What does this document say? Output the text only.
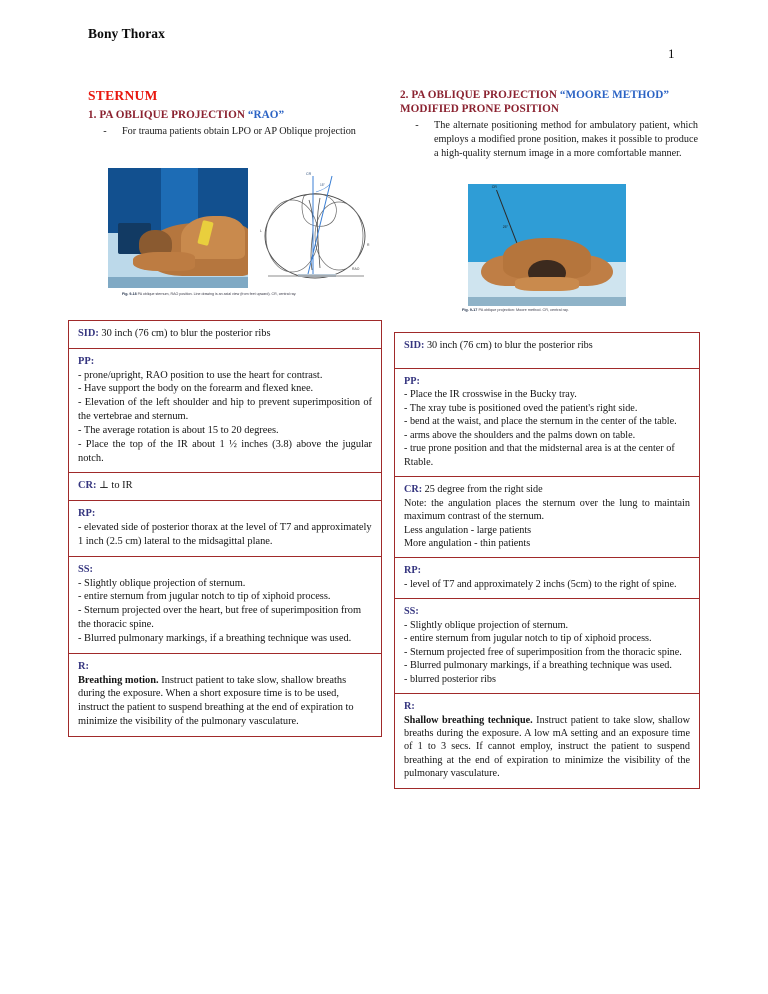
Bony Thorax
1
STERNUM
1. PA OBLIQUE PROJECTION “RAO”
-	For trauma patients obtain LPO or AP Oblique projection
2. PA OBLIQUE PROJECTION “MOORE METHOD” MODIFIED PRONE POSITION
-	The alternate positioning method for ambulatory patient, which employs a modified prone position, makes it possible to produce a high-quality sternum image in a more comfortable manner.
CR
15°
L
R
RAO
Fig. 9-18 PA oblique sternum, RAO position. Line drawing is an axial view (from feet upward). CR, central ray.
CR
25°
Fig. 9-17 PA oblique projection: Moore method. CR, central ray.

SID: 30 inch (76 cm) to blur the posterior ribs

PP:

- prone/upright, RAO position to use the heart for contrast.

- Have support the body on the forearm and flexed knee.

- Elevation of the left shoulder and hip to prevent superimposition of the vertebrae and sternum.

- The average rotation is about 15 to 20 degrees.

- Place the top of the IR about 1 ½ inches (3.8) above the jugular notch.

CR: ⊥ to IR

RP:

- elevated side of posterior thorax at the level of T7 and approximately 1 inch (2.5 cm) lateral to the midsagittal plane.

SS:

- Slightly oblique projection of sternum.

- entire sternum from jugular notch to tip of xiphoid process.

- Sternum projected over the heart, but free of superimposition from the thoracic spine.

- Blurred pulmonary markings, if a breathing technique was used.

R:

Breathing motion. Instruct patient to take slow, shallow breaths during the exposure. When a short exposure time is to be used, instruct the patient to suspend breathing at the end of expiration to minimize the visibility of the pulmonary vasculature.

SID: 30 inch (76 cm) to blur the posterior ribs

PP:

- Place the IR crosswise in the Bucky tray.

- The xray tube is positioned oved the patient's right side.

- bend at the waist, and place the sternum in the center of the table.

- arms above the shoulders and the palms down on table.

- true prone position and that the midsternal area is at the center of Rtable.

CR: 25 degree from the right side

Note: the angulation places the sternum over the lung to maintain maximum contrast of the sternum.

Less angulation - large patients

More angulation - thin patients

RP:

- level of T7 and approximately 2 inchs (5cm) to the right of spine.

SS:

- Slightly oblique projection of sternum.

- entire sternum from jugular notch to tip of xiphoid process.

- Sternum projected free of superimposition from the thoracic spine.

- Blurred pulmonary markings, if a breathing technique was used.

- blurred posterior ribs

R:

Shallow breathing technique. Instruct patient to take slow, shallow breaths during the exposure. A low mA setting and an exposure time of 1 to 3 secs. If cannot employ, instruct the patient to suspend breathing at the end of expiration to minimize the visibility of the pulmonary vasculature.
